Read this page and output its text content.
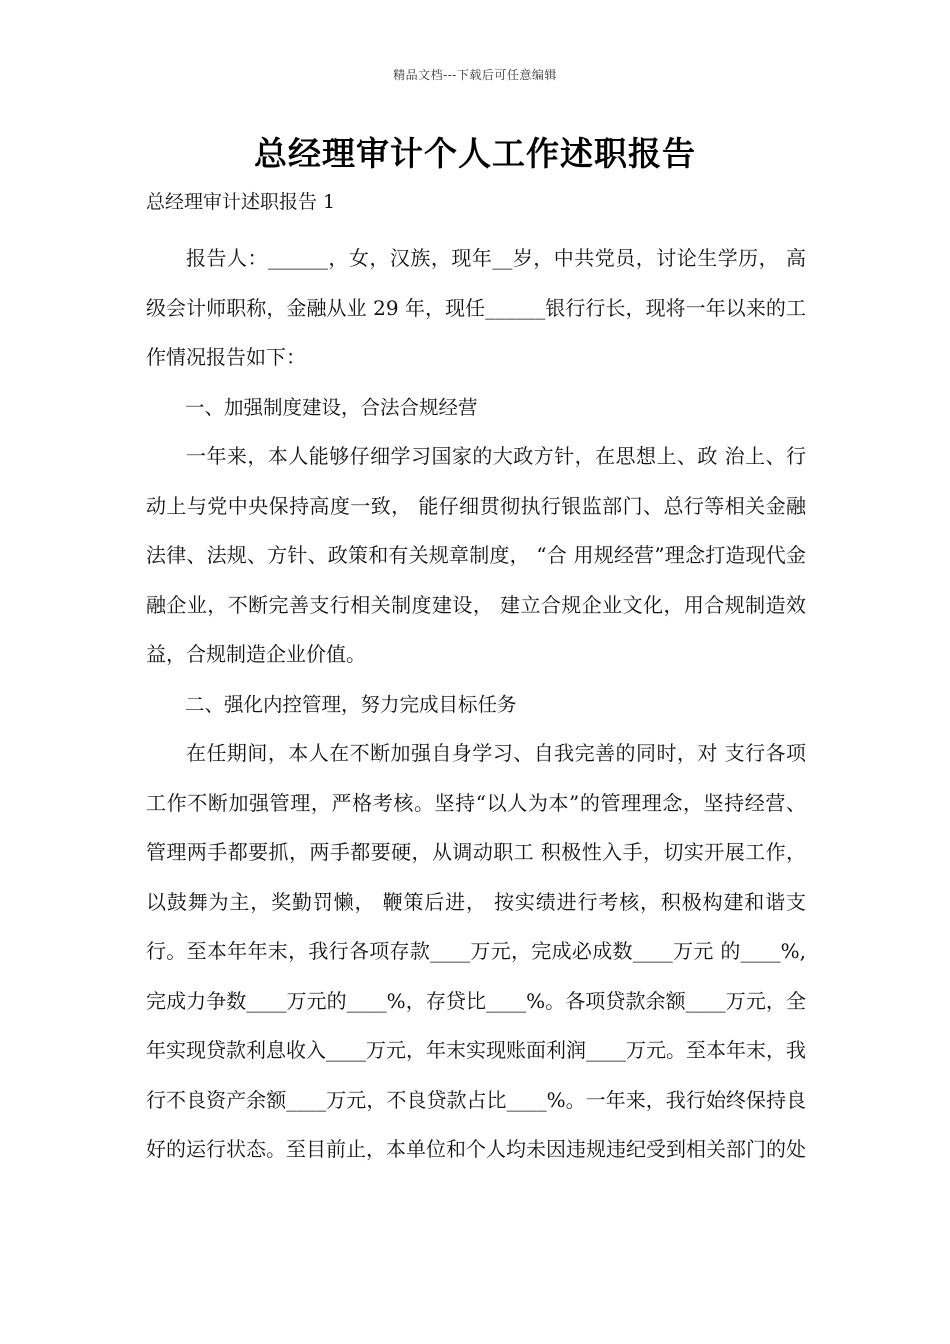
精品文档---下载后可任意编辑
总经理审计个人工作述职报告
总经理审计述职报告 1

报告人：______，女，汉族，现年__岁，中共党员，讨论生学历， 高级会计师职称，金融从业 29 年，现任______银行行长，现将一年以来的工作情况报告如下：

一、加强制度建设，合法合规经营

一年来，本人能够仔细学习国家的大政方针，在思想上、政 治上、行动上与党中央保持高度一致， 能仔细贯彻执行银监部门、总行等相关金融法律、法规、方针、政策和有关规章制度， “合 用规经营”理念打造现代金融企业，不断完善支行相关制度建设， 建立合规企业文化，用合规制造效益，合规制造企业价值。

二、强化内控管理，努力完成目标任务

在任期间，本人在不断加强自身学习、自我完善的同时，对 支行各项工作不断加强管理，严格考核。坚持“以人为本”的管理理念，坚持经营、管理两手都要抓，两手都要硬，从调动职工 积极性入手，切实开展工作，以鼓舞为主，奖勤罚懒， 鞭策后进， 按实绩进行考核，积极构建和谐支行。至本年年末，我行各项存款____万元，完成必成数____万元 的____%,完成力争数____万元的____%，存贷比____%。各项贷款余额____万元，全年实现贷款利息收入____万元，年末实现账面利润____万元。至本年末，我行不良资产余额____万元，不良贷款占比____%。一年来，我行始终保持良好的运行状态。至目前止，本单位和个人均未因违规违纪受到相关部门的处
